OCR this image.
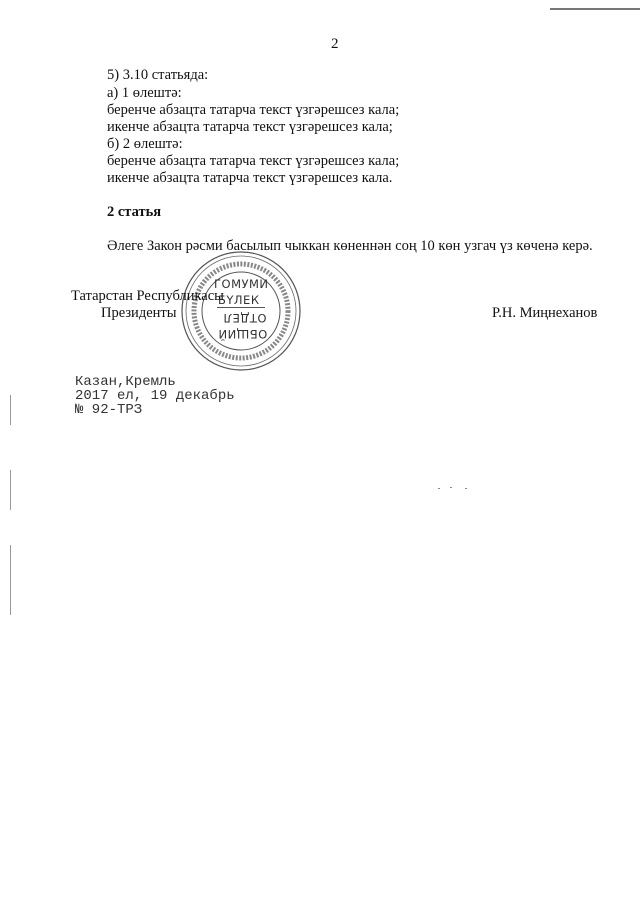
2
5) 3.10 статьяда:
а) 1 өлештә:
беренче абзацта татарча текст үзгәрешсез кала;
икенче абзацта татарча текст үзгәрешсез кала;
б) 2 өлештә:
беренче абзацта татарча текст үзгәрешсез кала;
икенче абзацта татарча текст үзгәрешсез кала.
2 статья
Әлеге Закон рәсми басылып чыккан көненнән соң 10 көн узгач үз көченә керә.
ГОМУМИ
БҮЛЕК
ОТДЕЛ
ОБЩИЙ
Татарстан Республикасы
Президенты	Р.Н. Миңнеханов
Казан,Кремль
2017 ел, 19 декабрь
№ 92-ТРЗ
